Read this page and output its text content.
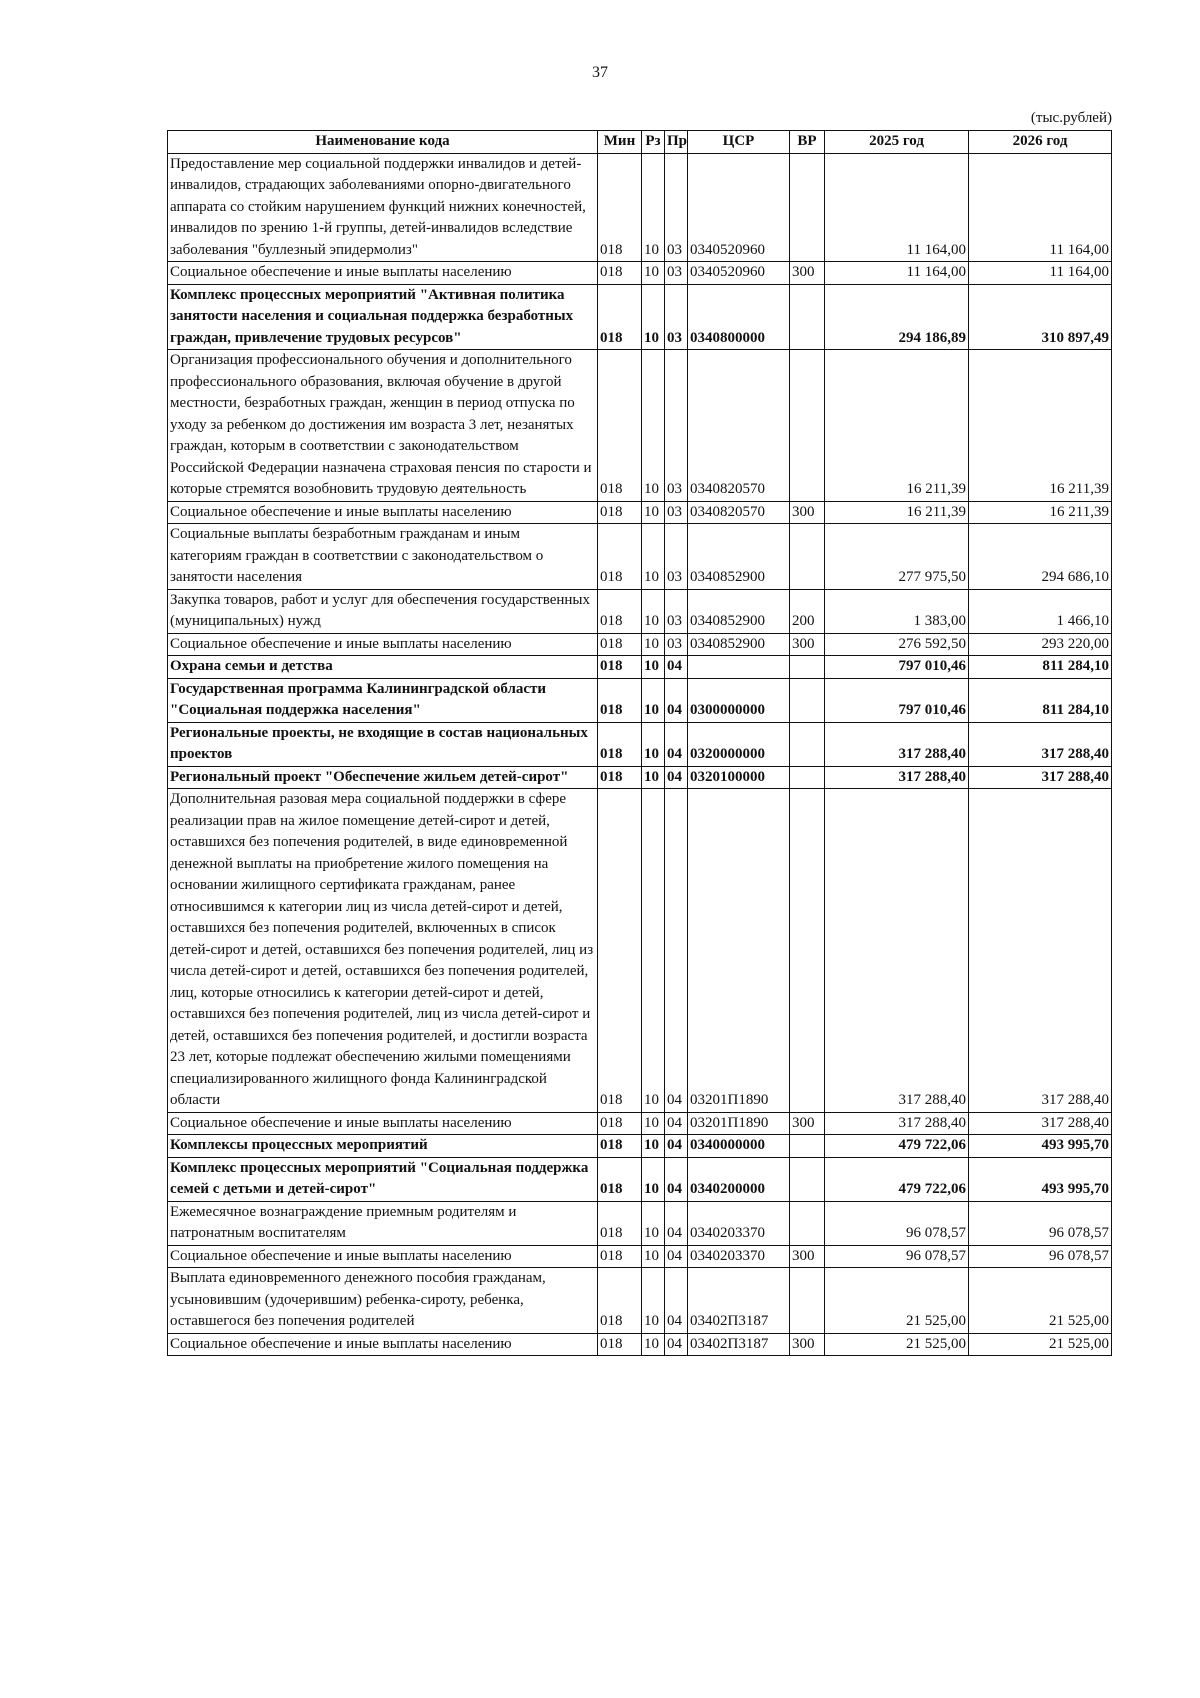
37
(тыс.рублей)
Наименование кода	Мин	Рз	Пр	ЦСР	ВР	2025 год	2026 год
Предоставление мер социальной поддержки инвалидов и детей-инвалидов, страдающих заболеваниями опорно-двигательного аппарата со стойким нарушением функций нижних конечностей, инвалидов по зрению 1-й группы, детей-инвалидов вследствие заболевания "буллезный эпидермолиз"	018	10	03	0340520960		11 164,00	11 164,00
Социальное обеспечение и иные выплаты населению	018	10	03	0340520960	300	11 164,00	11 164,00
Комплекс процессных мероприятий "Активная политика занятости населения и социальная поддержка безработных граждан, привлечение трудовых ресурсов"	018	10	03	0340800000		294 186,89	310 897,49
Организация профессионального обучения и дополнительного профессионального образования, включая обучение в другой местности, безработных граждан, женщин в период отпуска по уходу за ребенком до достижения им возраста 3 лет, незанятых граждан, которым в соответствии с законодательством Российской Федерации назначена страховая пенсия по старости и которые стремятся возобновить трудовую деятельность	018	10	03	0340820570		16 211,39	16 211,39
Социальное обеспечение и иные выплаты населению	018	10	03	0340820570	300	16 211,39	16 211,39
Социальные выплаты безработным гражданам и иным категориям граждан в соответствии с законодательством о занятости населения	018	10	03	0340852900		277 975,50	294 686,10
Закупка товаров, работ и услуг для обеспечения государственных (муниципальных) нужд	018	10	03	0340852900	200	1 383,00	1 466,10
Социальное обеспечение и иные выплаты населению	018	10	03	0340852900	300	276 592,50	293 220,00
Охрана семьи и детства	018	10	04			797 010,46	811 284,10
Государственная программа Калининградской области "Социальная поддержка населения"	018	10	04	0300000000		797 010,46	811 284,10
Региональные проекты, не входящие в состав национальных проектов	018	10	04	0320000000		317 288,40	317 288,40
Региональный проект "Обеспечение жильем детей-сирот"	018	10	04	0320100000		317 288,40	317 288,40
Дополнительная разовая мера социальной поддержки в сфере реализации прав на жилое помещение детей-сирот и детей, оставшихся без попечения родителей, в виде единовременной денежной выплаты на приобретение жилого помещения на основании жилищного сертификата гражданам, ранее относившимся к категории лиц из числа детей-сирот и детей, оставшихся без попечения родителей, включенных в список детей-сирот и детей, оставшихся без попечения родителей, лиц из числа детей-сирот и детей, оставшихся без попечения родителей, лиц, которые относились к категории детей-сирот и детей, оставшихся без попечения родителей, лиц из числа детей-сирот и детей, оставшихся без попечения родителей, и достигли возраста 23 лет, которые подлежат обеспечению жилыми помещениями специализированного жилищного фонда Калининградской области	018	10	04	03201П1890		317 288,40	317 288,40
Социальное обеспечение и иные выплаты населению	018	10	04	03201П1890	300	317 288,40	317 288,40
Комплексы процессных мероприятий	018	10	04	0340000000		479 722,06	493 995,70
Комплекс процессных мероприятий "Социальная поддержка семей с детьми и детей-сирот"	018	10	04	0340200000		479 722,06	493 995,70
Ежемесячное вознаграждение приемным родителям и патронатным воспитателям	018	10	04	0340203370		96 078,57	96 078,57
Социальное обеспечение и иные выплаты населению	018	10	04	0340203370	300	96 078,57	96 078,57
Выплата единовременного денежного пособия гражданам, усыновившим (удочерившим) ребенка-сироту, ребенка, оставшегося без попечения родителей	018	10	04	03402П3187		21 525,00	21 525,00
Социальное обеспечение и иные выплаты населению	018	10	04	03402П3187	300	21 525,00	21 525,00
